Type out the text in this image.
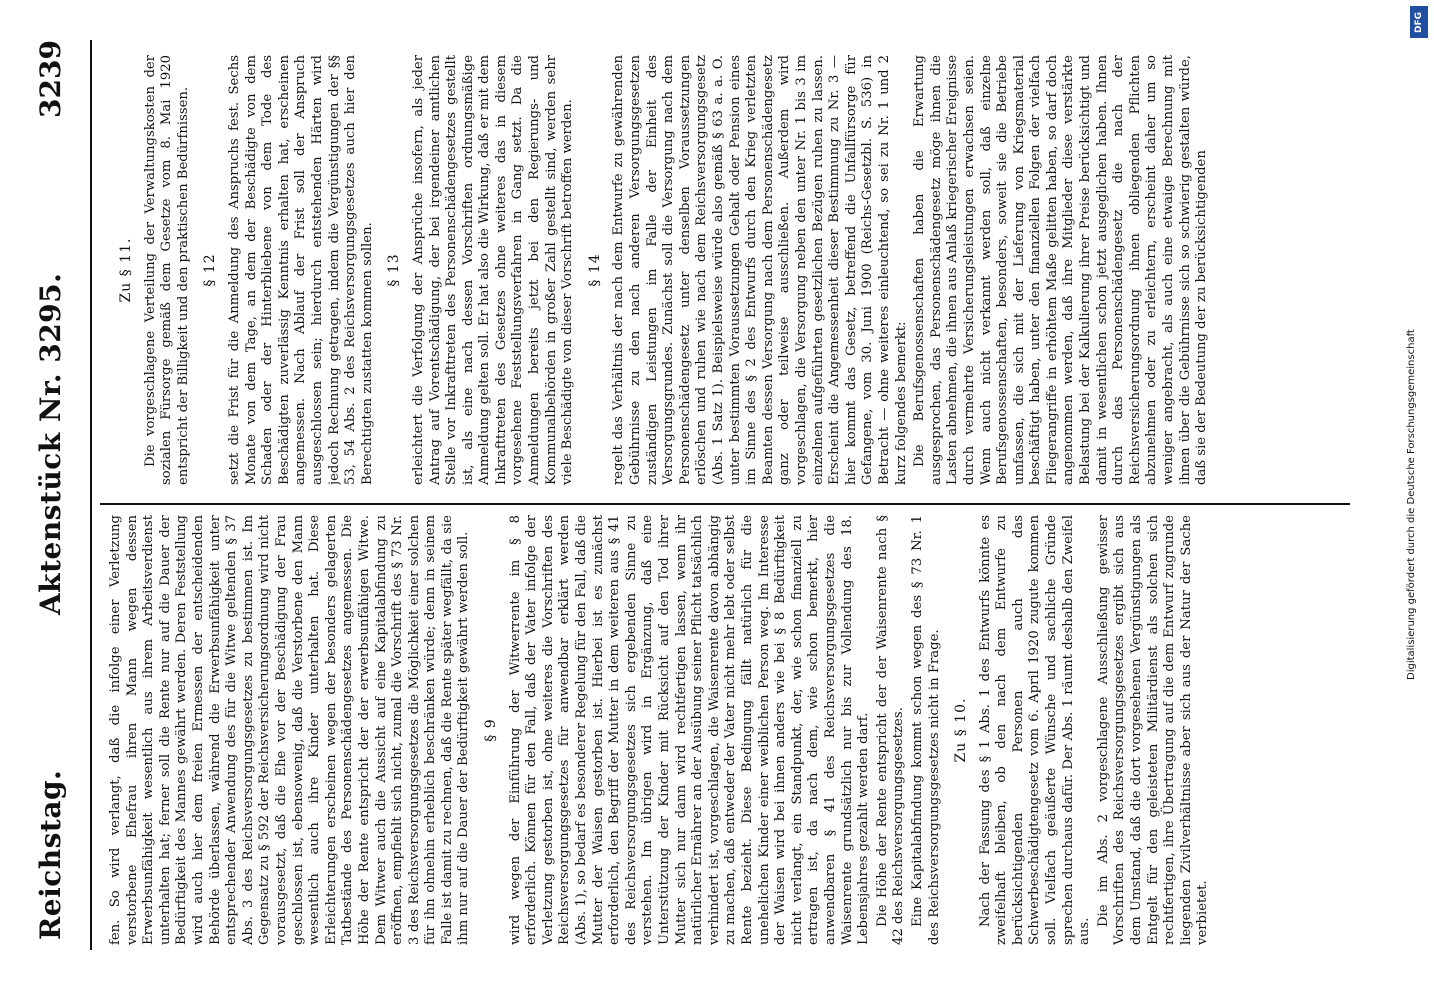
Reichstag.
Aktenstück Nr. 3295.
3239

fen. So wird verlangt, daß die infolge einer Verletzung verstorbene Ehefrau ihren Mann wegen dessen Erwerbsunfähigkeit wesentlich aus ihrem Arbeitsverdienst unterhalten hat; ferner soll die Rente nur auf die Dauer der Bedürftigkeit des Mannes gewährt werden. Deren Feststellung wird auch hier dem freien Ermessen der entscheidenden Behörde überlassen, während die Erwerbsunfähigkeit unter entsprechender Anwendung des für die Witwe geltenden § 37 Abs. 3 des Reichsversorgungsgesetzes zu bestimmen ist. Im Gegensatz zu § 592 der Reichsversicherungsordnung wird nicht vorausgesetzt, daß die Ehe vor der Beschädigung der Frau geschlossen ist, ebensowenig, daß die Verstorbene den Mann wesentlich auch ihre Kinder unterhalten hat. Diese Erleichterungen erscheinen wegen der besonders gelagerten Tatbestände des Personenschädengesetzes angemessen. Die Höhe der Rente entspricht der der erwerbsunfähigen Witwe. Dem Witwer auch die Aussicht auf eine Kapitalabfindung zu eröffnen, empfiehlt sich nicht, zumal die Vorschrift des § 73 Nr. 3 des Reichsversorgungsgesetzes die Möglichkeit einer solchen für ihn ohnehin erheblich beschränken würde; denn in seinem Falle ist damit zu rechnen, daß die Rente später wegfällt, da sie ihm nur auf die Dauer der Bedürftigkeit gewährt werden soll. § 9 wird wegen der Einführung der Witwerrente im § 8 erforderlich. Können für den Fall, daß der Vater infolge der Verletzung gestorben ist, ohne weiteres die Vorschriften des Reichsversorgungsgesetzes für anwendbar erklärt werden (Abs. 1), so bedarf es besonderer Regelung für den Fall, daß die Mutter der Waisen gestorben ist. Hierbei ist es zunächst erforderlich, den Begriff der Mutter in dem weiteren aus § 41 des Reichsversorgungsgesetzes sich ergebenden Sinne zu verstehen. Im übrigen wird in Ergänzung, daß eine Unterstützung der Kinder mit Rücksicht auf den Tod ihrer Mutter sich nur dann wird rechtfertigen lassen, wenn ihr natürlicher Ernährer an der Ausübung seiner Pflicht tatsächlich verhindert ist, vorgeschlagen, die Waisenrente davon abhängig zu machen, daß entweder der Vater nicht mehr lebt oder selbst Rente bezieht. Diese Bedingung fällt natürlich für die unehelichen Kinder einer weiblichen Person weg. Im Interesse der Waisen wird bei ihnen anders wie bei § 8 Bedürftigkeit nicht verlangt, ein Standpunkt, der, wie schon finanziell zu ertragen ist, da nach dem, wie schon bemerkt, hier anwendbaren § 41 des Reichsversorgungsgesetzes die Waisenrente grundsätzlich nur bis zur Vollendung des 18. Lebensjahres gezahlt werden darf. Die Höhe der Rente entspricht der der Waisenrente nach § 42 des Reichsversorgungsgesetzes. Eine Kapitalabfindung kommt schon wegen des § 73 Nr. 1 des Reichsversorgungsgesetzes nicht in Frage. Zu § 10. Nach der Fassung des § 1 Abs. 1 des Entwurfs könnte es zweifelhaft bleiben, ob den nach dem Entwurfe zu berücksichtigenden Personen auch das Schwerbeschädigtengesetz vom 6. April 1920 zugute kommen soll. Vielfach geäußerte Wünsche und sachliche Gründe sprechen durchaus dafür. Der Abs. 1 räumt deshalb den Zweifel aus.

Die im Abs. 2 vorgeschlagene Ausschließung gewisser Vorschriften des Reichsversorgungsgesetzes ergibt sich aus dem Umstand, daß die dort vorgesehenen Vergünstigungen als Entgelt für den geleisteten Militärdienst als solchen sich rechtfertigen, ihre Übertragung auf die dem Entwurf zugrunde liegenden Zivilverhältnisse aber sich aus der Natur der Sache verbietet.

Zu § 11. Die vorgeschlagene Verteilung der Verwaltungskosten der sozialen Fürsorge gemäß dem Gesetze vom 8. Mai 1920 entspricht der Billigkeit und den praktischen Bedürfnissen. § 12 setzt die Frist für die Anmeldung des Anspruchs fest. Sechs Monate von dem Tage, an dem der Beschädigte von dem Schaden oder der Hinterbliebene von dem Tode des Beschädigten zuverlässig Kenntnis erhalten hat, erscheinen angemessen. Nach Ablauf der Frist soll der Anspruch ausgeschlossen sein; hierdurch entstehenden Härten wird jedoch Rechnung getragen, indem die Vergünstigungen der §§ 53, 54 Abs. 2 des Reichsversorgungsgesetzes auch hier den Berechtigten zustatten kommen sollen. § 13 erleichtert die Verfolgung der Ansprüche insofern, als jeder Antrag auf Vorentschädigung, der bei irgendeiner amtlichen Stelle vor Inkrafttreten des Personenschädengesetzes gestellt ist, als eine nach dessen Vorschriften ordnungsmäßige Anmeldung gelten soll. Er hat also die Wirkung, daß er mit dem Inkrafttreten des Gesetzes ohne weiteres das in diesem vorgesehene Feststellungsverfahren in Gang setzt. Da die Anmeldungen bereits jetzt bei den Regierungs- und Kommunalbehörden in großer Zahl gestellt sind, werden sehr viele Beschädigte von dieser Vorschrift betroffen werden. § 14 regelt das Verhältnis der nach dem Entwurfe zu gewährenden Gebührnisse zu den nach anderen Versorgungsgesetzen zuständigen Leistungen im Falle der Einheit des Versorgungsgrundes. Zunächst soll die Versorgung nach dem Personenschädengesetz unter denselben Voraussetzungen erlöschen und ruhen wie nach dem Reichsversorgungsgesetz (Abs. 1 Satz 1). Beispielsweise würde also gemäß § 63 a. a. O. unter bestimmten Voraussetzungen Gehalt oder Pension eines im Sinne des § 2 des Entwurfs durch den Krieg verletzten Beamten dessen Versorgung nach dem Personenschädengesetz ganz oder teilweise ausschließen. Außerdem wird vorgeschlagen, die Versorgung neben den unter Nr. 1 bis 3 im einzelnen aufgeführten gesetzlichen Bezügen ruhen zu lassen. Erscheint die Angemessenheit dieser Bestimmung zu Nr. 3 — hier kommt das Gesetz, betreffend die Unfallfürsorge für Gefangene, vom 30. Juni 1900 (Reichs-Gesetzbl. S. 536) in Betracht — ohne weiteres einleuchtend, so sei zu Nr. 1 und 2 kurz folgendes bemerkt: Die Berufsgenossenschaften haben die Erwartung ausgesprochen, das Personenschädengesetz möge ihnen die Lasten abnehmen, die ihnen aus Anlaß kriegerischer Ereignisse durch vermehrte Versicherungsleistungen erwachsen seien. Wenn auch nicht verkannt werden soll, daß einzelne Berufsgenossenschaften, besonders, soweit sie die Betriebe umfassen, die sich mit der Lieferung von Kriegsmaterial beschäftigt haben, unter den finanziellen Folgen der vielfach Fliegerangriffe in erhöhtem Maße gelitten haben, so darf doch angenommen werden, daß ihre Mitglieder diese verstärkte Belastung bei der Kalkulierung ihrer Preise berücksichtigt und damit in wesentlichen schon jetzt ausgeglichen haben. Ihnen durch das Personenschädengesetz die nach der Reichsversicherungsordnung ihnen obliegenden Pflichten abzunehmen oder zu erleichtern, erscheint daher um so weniger angebracht, als auch eine etwaige Berechnung mit ihnen über die Gebührnisse sich so schwierig gestalten würde, daß sie der Bedeutung der zu berücksichtigenden

DFG
Digitalisierung gefördert durch die Deutsche Forschungsgemeinschaft
